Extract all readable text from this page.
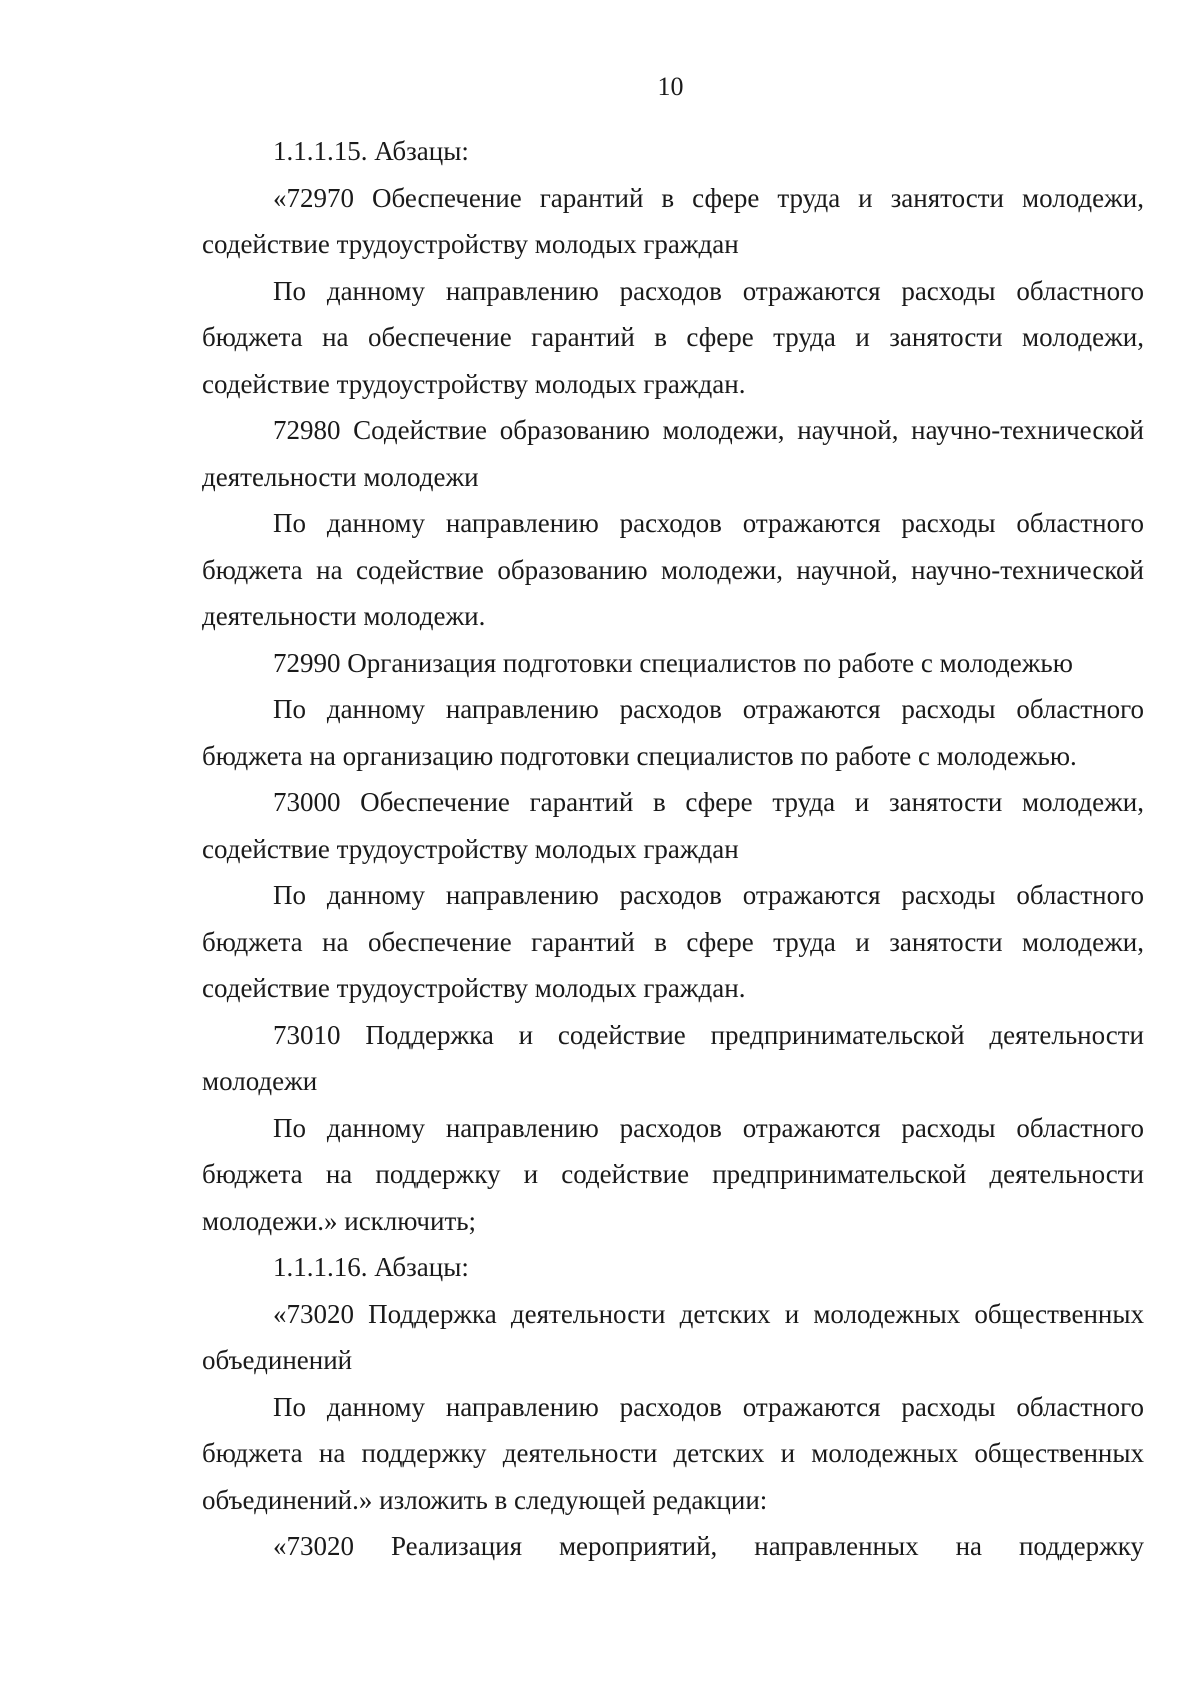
10

1.1.1.15. Абзацы:

«72970 Обеспечение гарантий в сфере труда и занятости молодежи, содействие трудоустройству молодых граждан

По данному направлению расходов отражаются расходы областного бюджета на обеспечение гарантий в сфере труда и занятости молодежи, содействие трудоустройству молодых граждан.

72980 Содействие образованию молодежи, научной, научно-технической деятельности молодежи

По данному направлению расходов отражаются расходы областного бюджета на содействие образованию молодежи, научной, научно-технической деятельности молодежи.

72990 Организация подготовки специалистов по работе с молодежью

По данному направлению расходов отражаются расходы областного бюджета на организацию подготовки специалистов по работе с молодежью.

73000 Обеспечение гарантий в сфере труда и занятости молодежи, содействие трудоустройству молодых граждан

По данному направлению расходов отражаются расходы областного бюджета на обеспечение гарантий в сфере труда и занятости молодежи, содействие трудоустройству молодых граждан.

73010 Поддержка и содействие предпринимательской деятельности молодежи

По данному направлению расходов отражаются расходы областного бюджета на поддержку и содействие предпринимательской деятельности молодежи.» исключить;

1.1.1.16. Абзацы:

«73020 Поддержка деятельности детских и молодежных общественных объединений

По данному направлению расходов отражаются расходы областного бюджета на поддержку деятельности детских и молодежных общественных объединений.» изложить в следующей редакции:

«73020 Реализация мероприятий, направленных на поддержку
